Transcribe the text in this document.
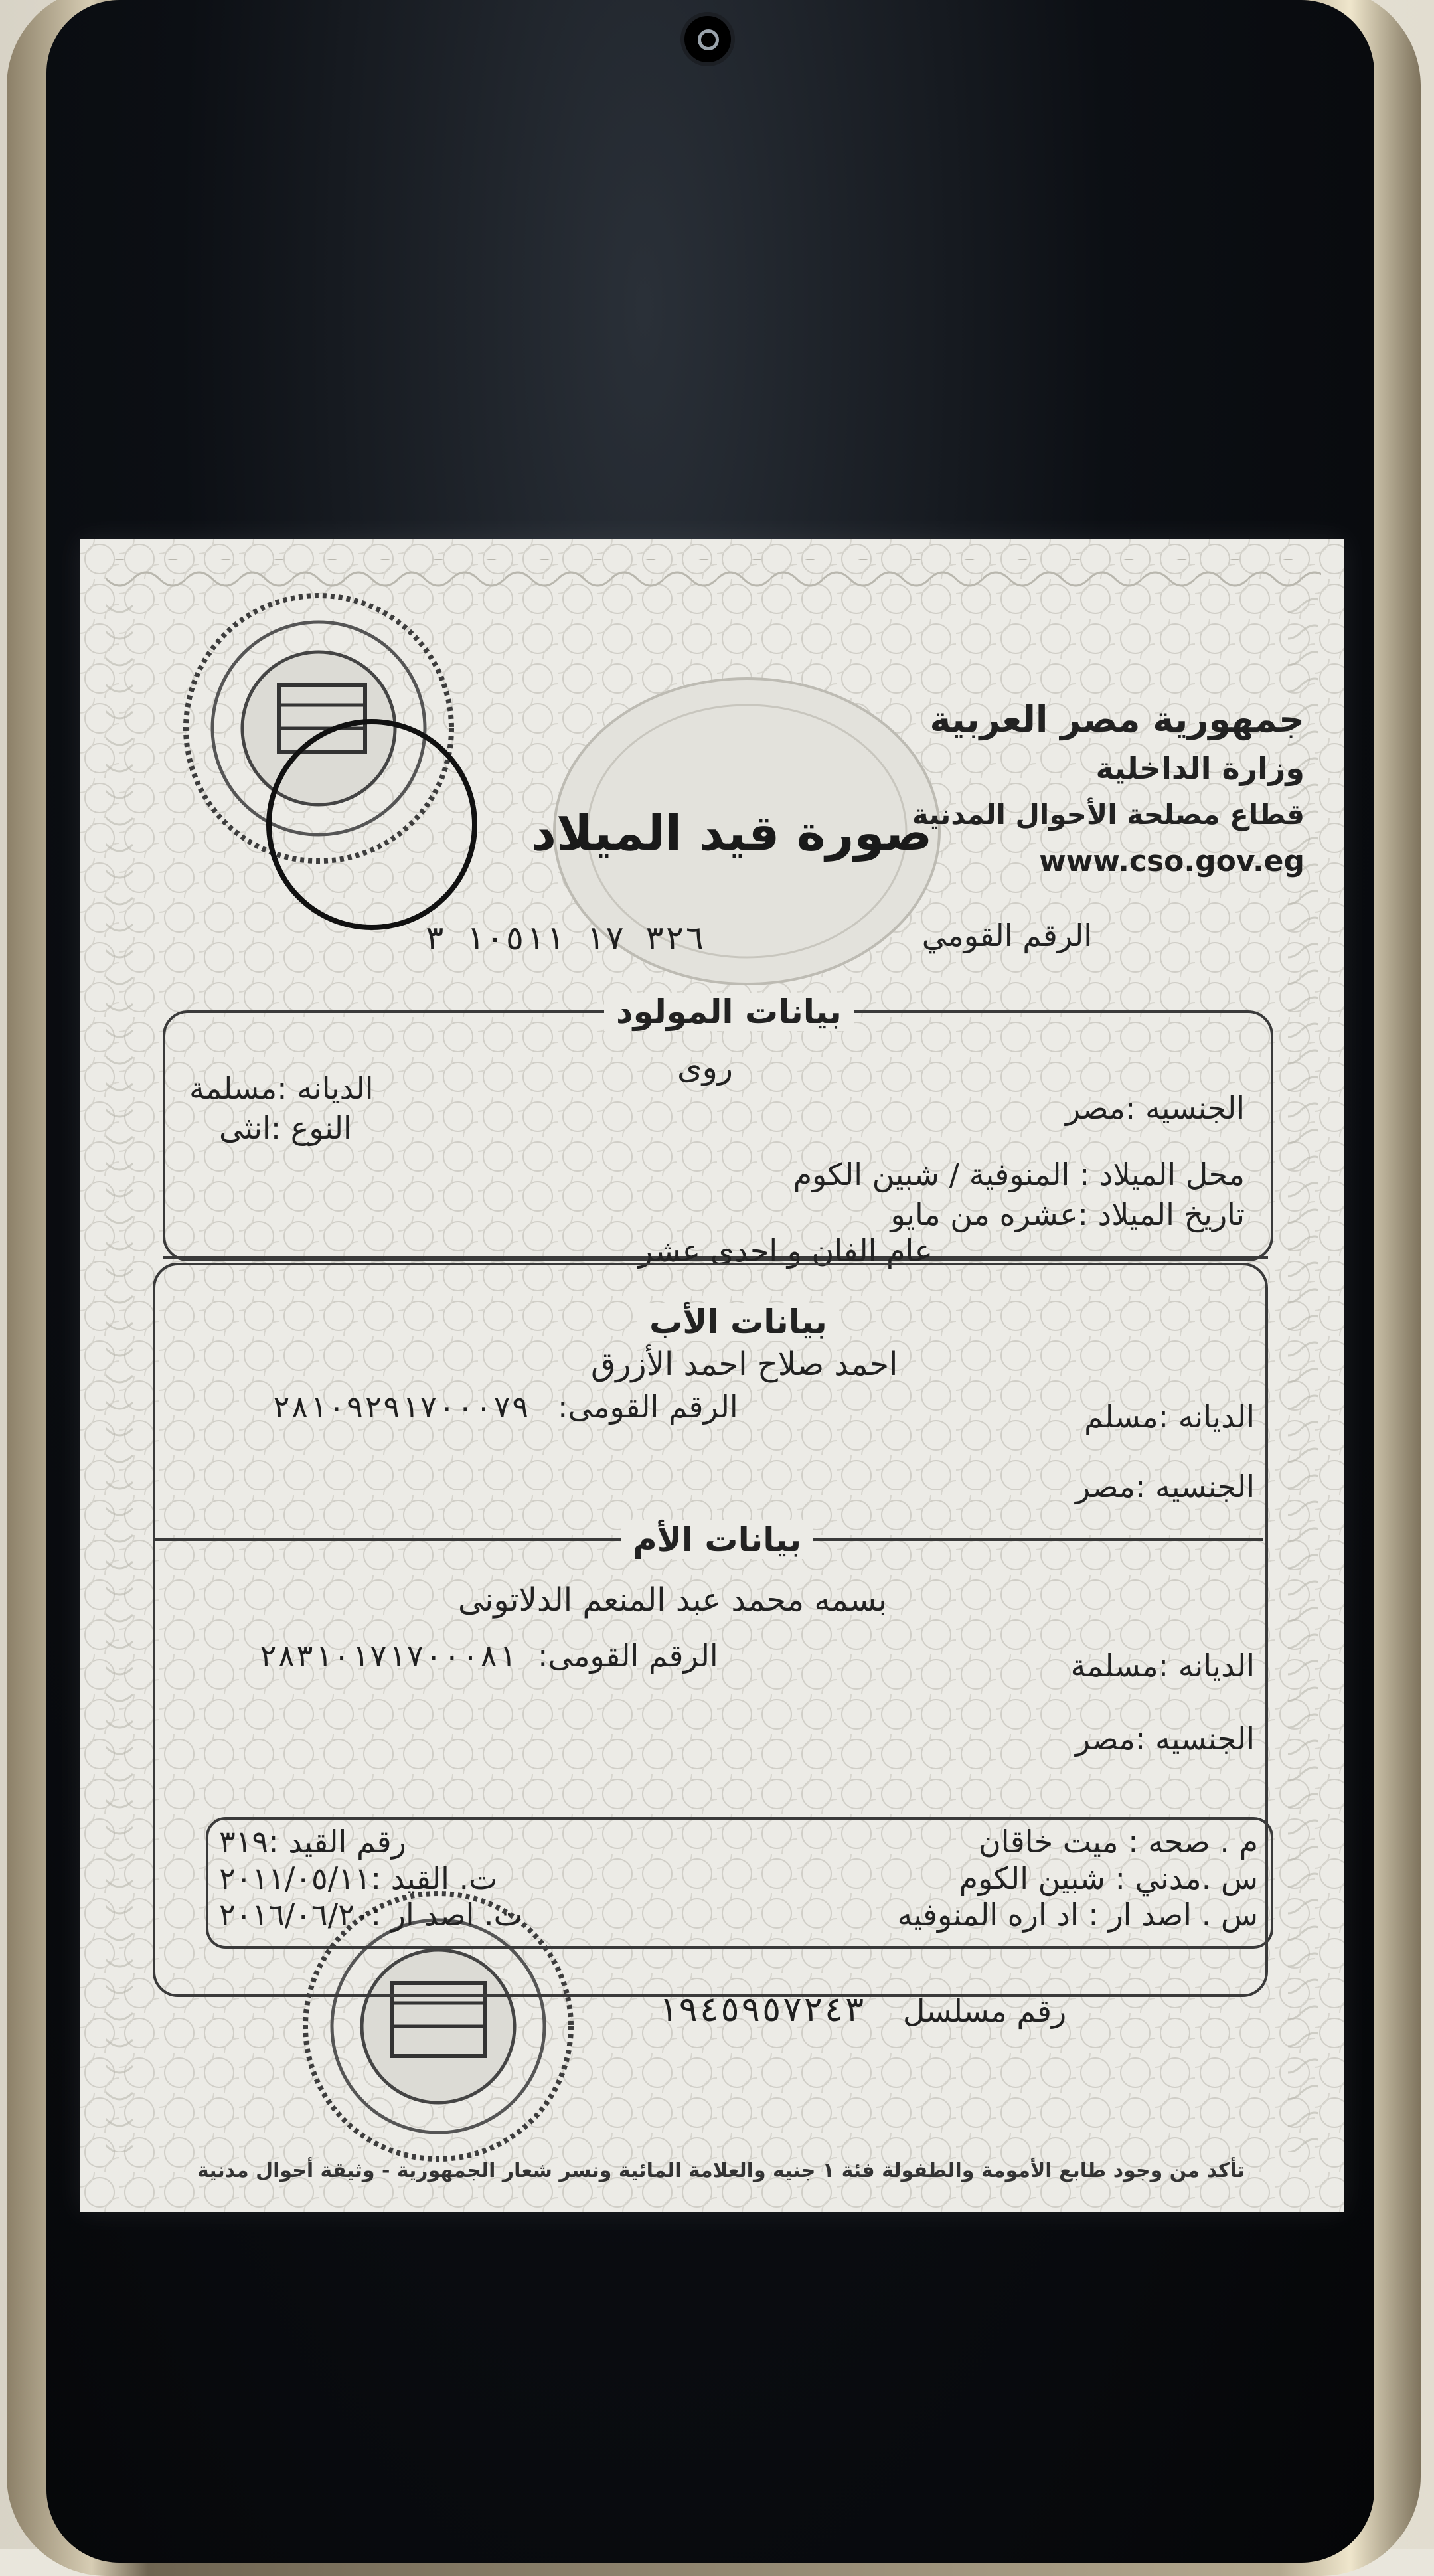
جمهورية مصر العربية
وزارة الداخلية
قطاع مصلحة الأحوال المدنية
www.cso.gov.eg
صورة قيد الميلاد
الرقم القومي
٣٢٦ ١٧ ١٠٥١١ ٣
بيانات المولود
روى
الديانه :مسلمة
النوع :انثى
الجنسيه :مصر
محل الميلاد : المنوفية / شبين الكوم
تاريخ الميلاد :عشره من مايو
عام الفان و احدى عشر
بيانات الأب
احمد صلاح احمد الأزرق
الديانه :مسلم
الرقم القومى:
٢٨١٠٩٢٩١٧٠٠٠٧٩
الجنسيه :مصر
بيانات الأم
بسمه محمد عبد المنعم الدلاتونى
الديانه :مسلمة
الرقم القومى:
٢٨٣١٠١٧١٧٠٠٠٨١
الجنسيه :مصر
م . صحه : ميت خاقان
س .مدني : شبين الكوم
س . اصد ار : اد اره المنوفيه
رقم القيد :٣١٩
ت. القيد :٢٠١١/٠٥/١١
ت. اصد ار :٢٠١٦/٠٦/٢٠
رقم مسلسل
١٩٤٥٩٥٧٢٤٣
تأكد من وجود طابع الأمومة والطفولة فئة ١ جنيه والعلامة المائية ونسر شعار الجمهورية - وثيقة أحوال مدنية
